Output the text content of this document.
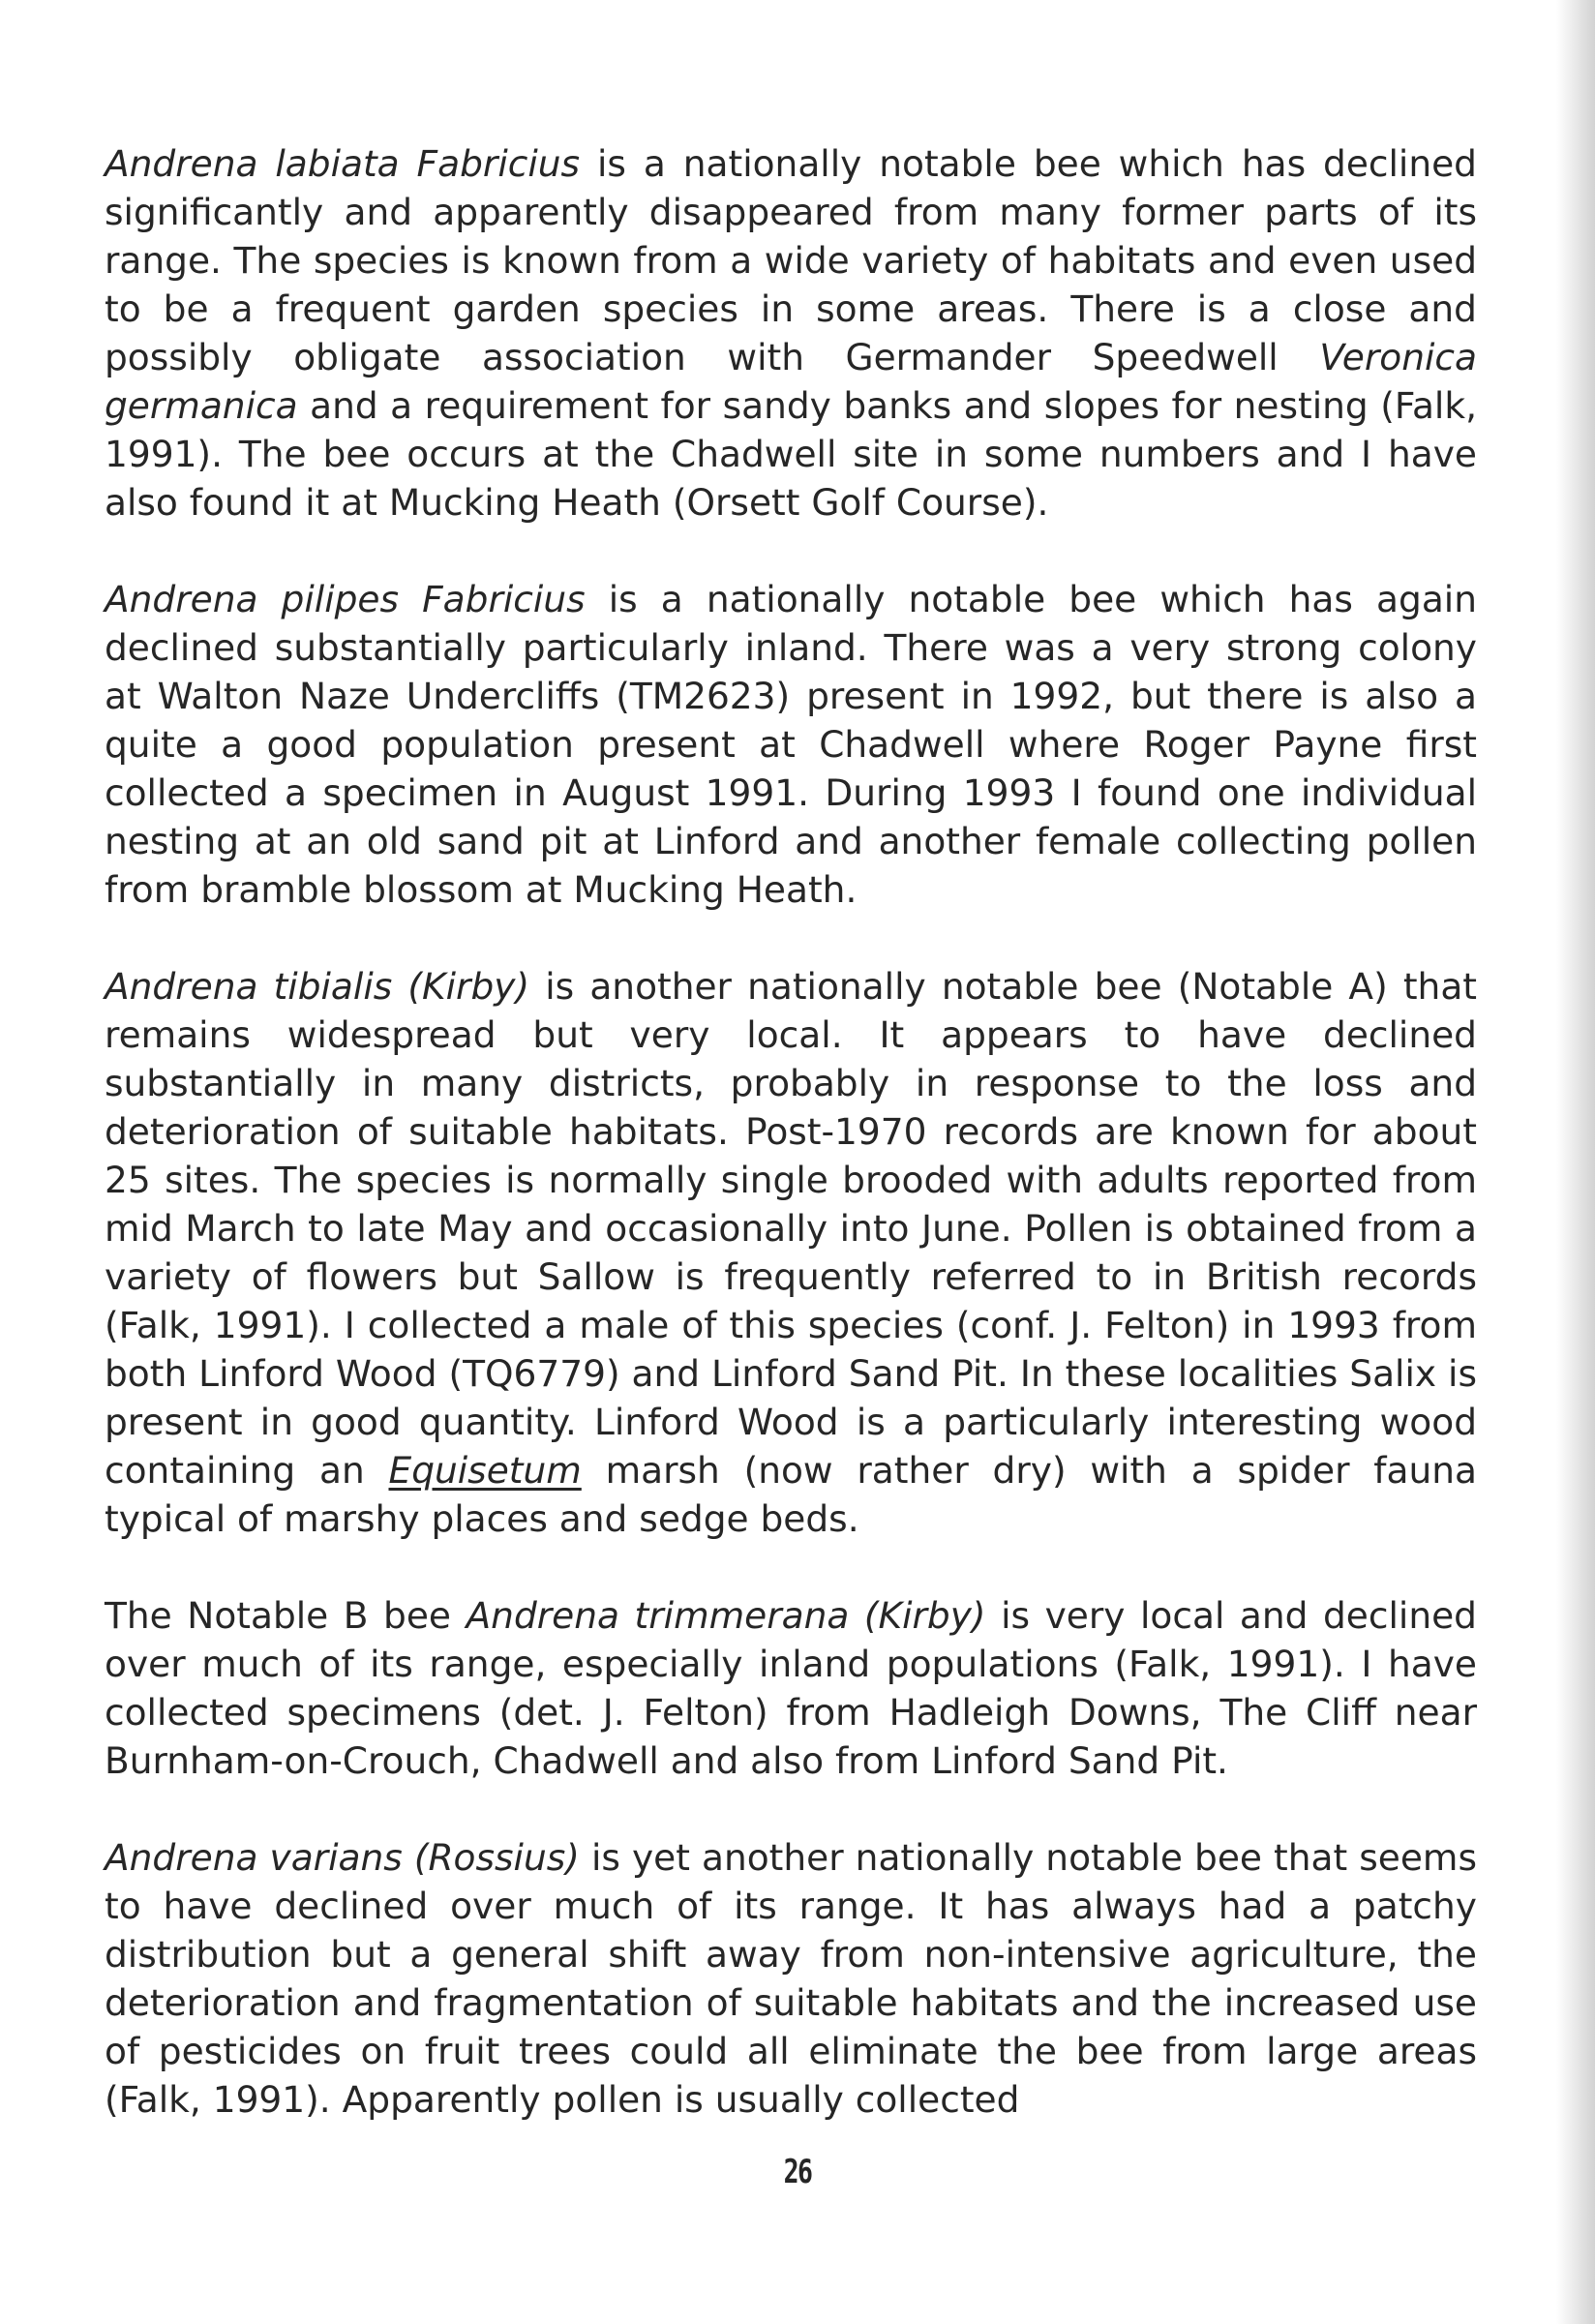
Andrena labiata Fabricius is a nationally notable bee which has declined significantly and apparently disappeared from many former parts of its range. The species is known from a wide variety of habitats and even used to be a frequent garden species in some areas. There is a close and possibly obligate association with Germander Speedwell Veronica germanica and a requirement for sandy banks and slopes for nesting (Falk, 1991). The bee occurs at the Chadwell site in some numbers and I have also found it at Mucking Heath (Orsett Golf Course).

Andrena pilipes Fabricius is a nationally notable bee which has again declined substantially particularly inland. There was a very strong colony at Walton Naze Undercliffs (TM2623) present in 1992, but there is also a quite a good population present at Chadwell where Roger Payne first collected a specimen in August 1991. During 1993 I found one individual nesting at an old sand pit at Linford and another female collecting pollen from bramble blossom at Mucking Heath.

Andrena tibialis (Kirby) is another nationally notable bee (Notable A) that remains widespread but very local. It appears to have declined substantially in many districts, probably in response to the loss and deterioration of suitable habitats. Post-1970 records are known for about 25 sites. The species is normally single brooded with adults reported from mid March to late May and occasionally into June. Pollen is obtained from a variety of flowers but Sallow is frequently referred to in British records (Falk, 1991). I collected a male of this species (conf. J. Felton) in 1993 from both Linford Wood (TQ6779) and Linford Sand Pit. In these localities Salix is present in good quantity. Linford Wood is a particularly interesting wood containing an Equisetum marsh (now rather dry) with a spider fauna typical of marshy places and sedge beds.

The Notable B bee Andrena trimmerana (Kirby) is very local and declined over much of its range, especially inland populations (Falk, 1991). I have collected specimens (det. J. Felton) from Hadleigh Downs, The Cliff near Burnham-on-Crouch, Chadwell and also from Linford Sand Pit.

Andrena varians (Rossius) is yet another nationally notable bee that seems to have declined over much of its range. It has always had a patchy distribution but a general shift away from non-intensive agriculture, the deterioration and fragmentation of suitable habitats and the increased use of pesticides on fruit trees could all eliminate the bee from large areas (Falk, 1991). Apparently pollen is usually collected

26
